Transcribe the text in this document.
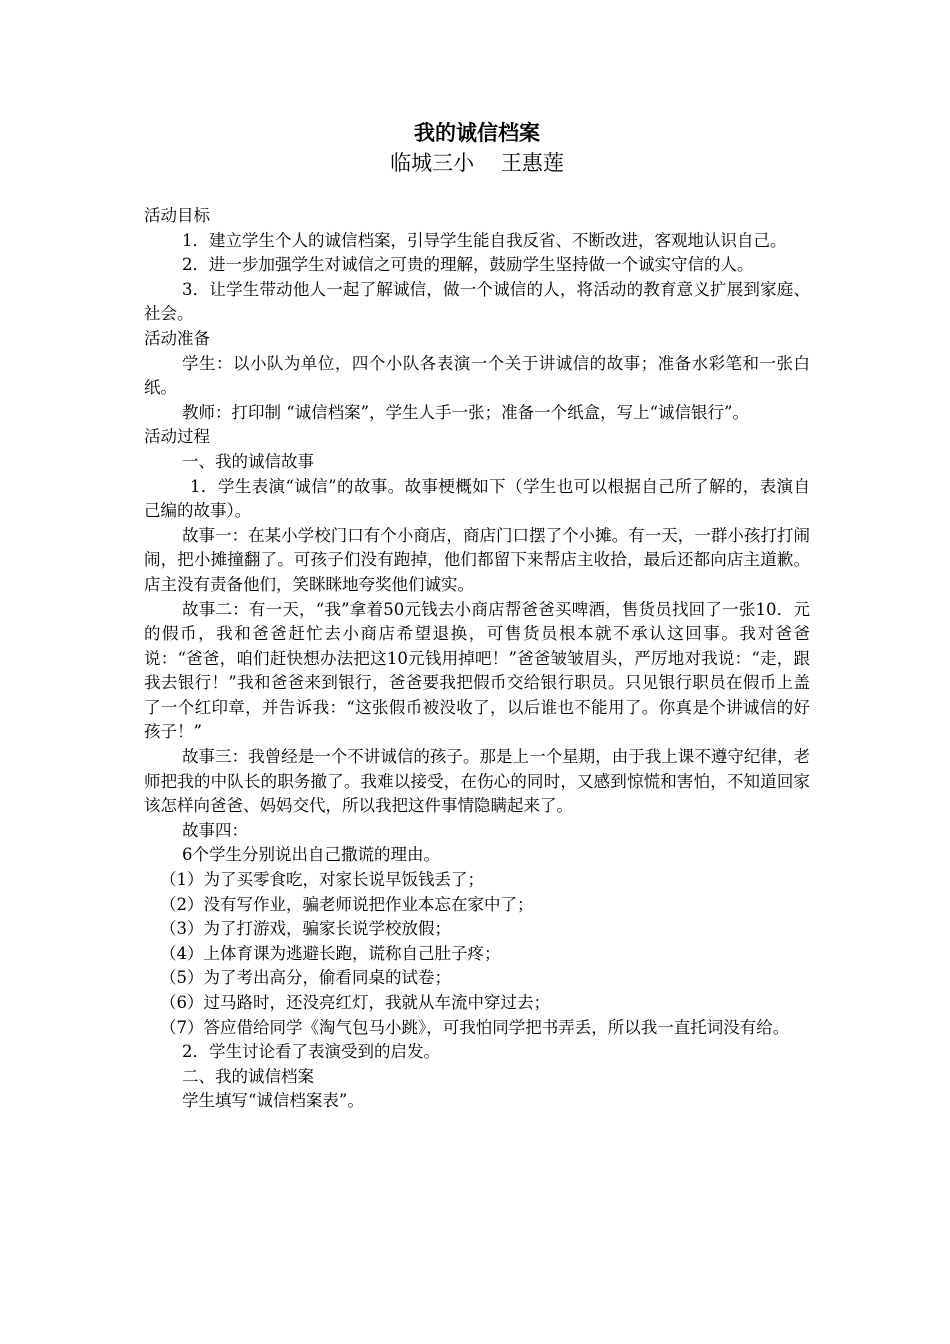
我的诚信档案
临城三小    王惠莲

活动目标

1．建立学生个人的诚信档案，引导学生能自我反省、不断改进，客观地认识自己。

2．进一步加强学生对诚信之可贵的理解，鼓励学生坚持做一个诚实守信的人。

3．让学生带动他人一起了解诚信，做一个诚信的人，将活动的教育意义扩展到家庭、社会。

活动准备

学生：以小队为单位，四个小队各表演一个关于讲诚信的故事；准备水彩笔和一张白纸。

教师：打印制 “诚信档案”，学生人手一张；准备一个纸盒，写上“诚信银行”。

活动过程

一、我的诚信故事

1．学生表演“诚信”的故事。故事梗概如下（学生也可以根据自己所了解的，表演自己编的故事）。

故事一：在某小学校门口有个小商店，商店门口摆了个小摊。有一天，一群小孩打打闹闹，把小摊撞翻了。可孩子们没有跑掉，他们都留下来帮店主收拾，最后还都向店主道歉。店主没有责备他们，笑眯眯地夸奖他们诚实。

故事二：有一天，“我”拿着50元钱去小商店帮爸爸买啤酒，售货员找回了一张10．元的假币，我和爸爸赶忙去小商店希望退换，可售货员根本就不承认这回事。我对爸爸说：“爸爸，咱们赶快想办法把这10元钱用掉吧！”爸爸皱皱眉头，严厉地对我说：“走，跟我去银行！”我和爸爸来到银行，爸爸要我把假币交给银行职员。只见银行职员在假币上盖了一个红印章，并告诉我：“这张假币被没收了，以后谁也不能用了。你真是个讲诚信的好孩子！”

故事三：我曾经是一个不讲诚信的孩子。那是上一个星期，由于我上课不遵守纪律，老师把我的中队长的职务撤了。我难以接受，在伤心的同时，又感到惊慌和害怕，不知道回家该怎样向爸爸、妈妈交代，所以我把这件事情隐瞒起来了。

故事四：

6个学生分别说出自己撒谎的理由。

（1）为了买零食吃，对家长说早饭钱丢了；

（2）没有写作业，骗老师说把作业本忘在家中了；

（3）为了打游戏，骗家长说学校放假；

（4）上体育课为逃避长跑，谎称自己肚子疼；

（5）为了考出高分，偷看同桌的试卷；

（6）过马路时，还没亮红灯，我就从车流中穿过去；

（7）答应借给同学《淘气包马小跳》，可我怕同学把书弄丢，所以我一直托词没有给。

2．学生讨论看了表演受到的启发。

二、我的诚信档案

学生填写“诚信档案表”。
